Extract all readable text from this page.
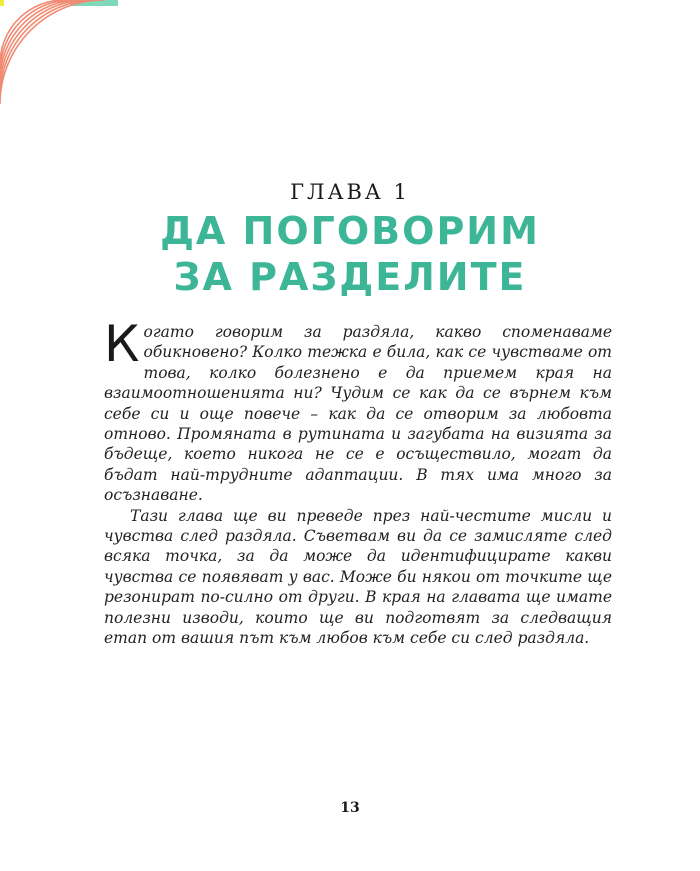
ГЛАВА 1
ДА ПОГОВОРИМ
ЗА РАЗДЕЛИТЕ

Когато говорим за раздяла, какво споменаваме обикновено? Колко тежка е била, как се чувстваме от това, колко болезнено е да приемем края на взаимоотношенията ни? Чудим се как да се върнем към себе си и още повече – как да се отворим за любовта отново. Промяната в рутината и загубата на визията за бъдеще, което никога не се е осъществило, могат да бъдат най-трудните адаптации. В тях има много за осъзнаване.

Тази глава ще ви преведе през най-честите мисли и чувства след раздяла. Съветвам ви да се замисляте след всяка точка, за да може да идентифицирате какви чувства се появяват у вас. Може би някои от точките ще резонират по-силно от други. В края на главата ще имате полезни изводи, които ще ви подготвят за следващия етап от вашия път към любов към себе си след раздяла.

13
